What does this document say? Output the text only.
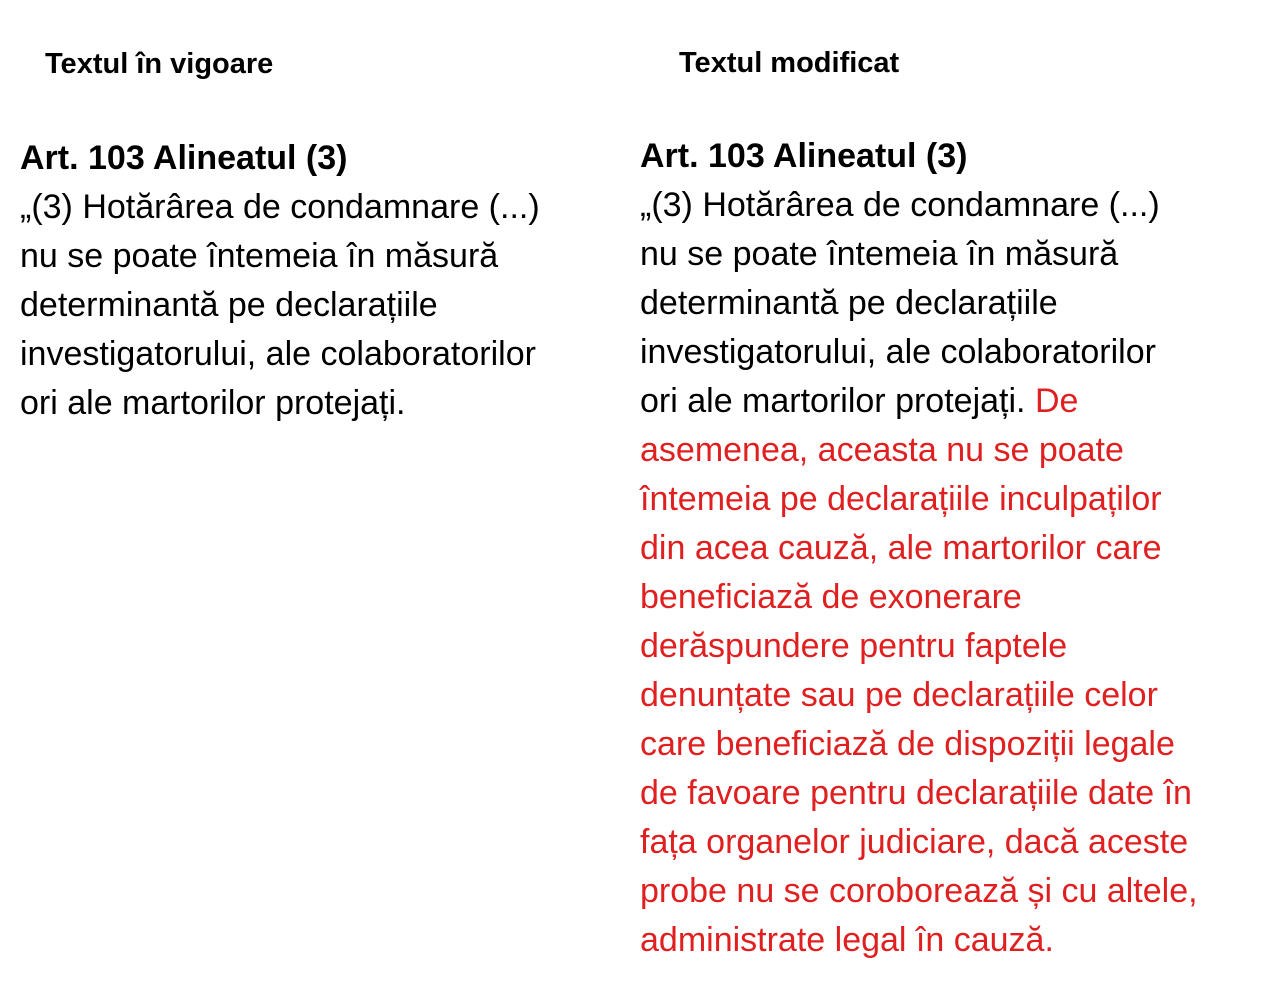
Textul în vigoare	Textul modificat

Art. 103 Alineatul (3)

„(3) Hotărârea de condamnare (...)
nu se poate întemeia în măsură
determinantă pe declarațiile
investigatorului, ale colaboratorilor
ori ale martorilor protejați.

Art. 103 Alineatul (3)

„(3) Hotărârea de condamnare (...)
nu se poate întemeia în măsură
determinantă pe declarațiile
investigatorului, ale colaboratorilor
ori ale martorilor protejați. De
asemenea, aceasta nu se poate
întemeia pe declarațiile inculpaților
din acea cauză, ale martorilor care
beneficiază de exonerare
derăspundere pentru faptele
denunțate sau pe declarațiile celor
care beneficiază de dispoziții legale
de favoare pentru declarațiile date în
fața organelor judiciare, dacă aceste
probe nu se coroborează și cu altele,
administrate legal în cauză.
